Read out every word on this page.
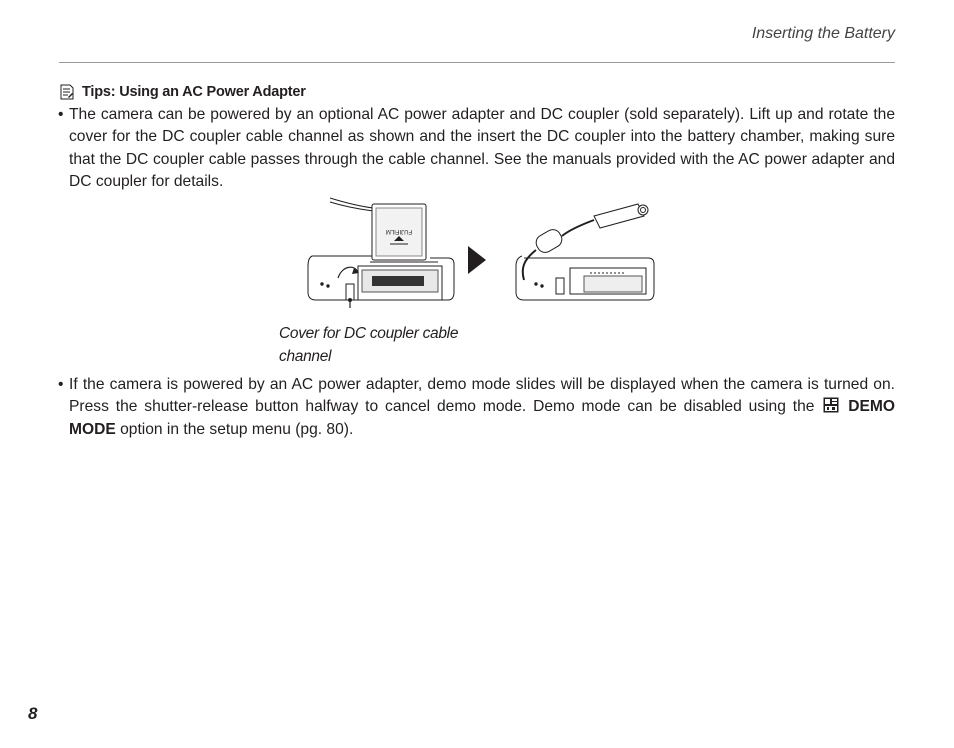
Inserting the Battery
Tips: Using an AC Power Adapter
• The camera can be powered by an optional AC power adapter and DC coupler (sold separately). Lift up and rotate the cover for the DC coupler cable channel as shown and the insert the DC coupler into the battery chamber, making sure that the DC coupler cable passes through the cable channel. See the manuals provided with the AC power adapter and DC coupler for details.
FUJIFILM
Cover for DC coupler cable channel
• If the camera is powered by an AC power adapter, demo mode slides will be displayed when the camera is turned on. Press the shutter-release button halfway to cancel demo mode. Demo mode can be disabled using the  DEMO MODE option in the setup menu (pg. 80).
8
